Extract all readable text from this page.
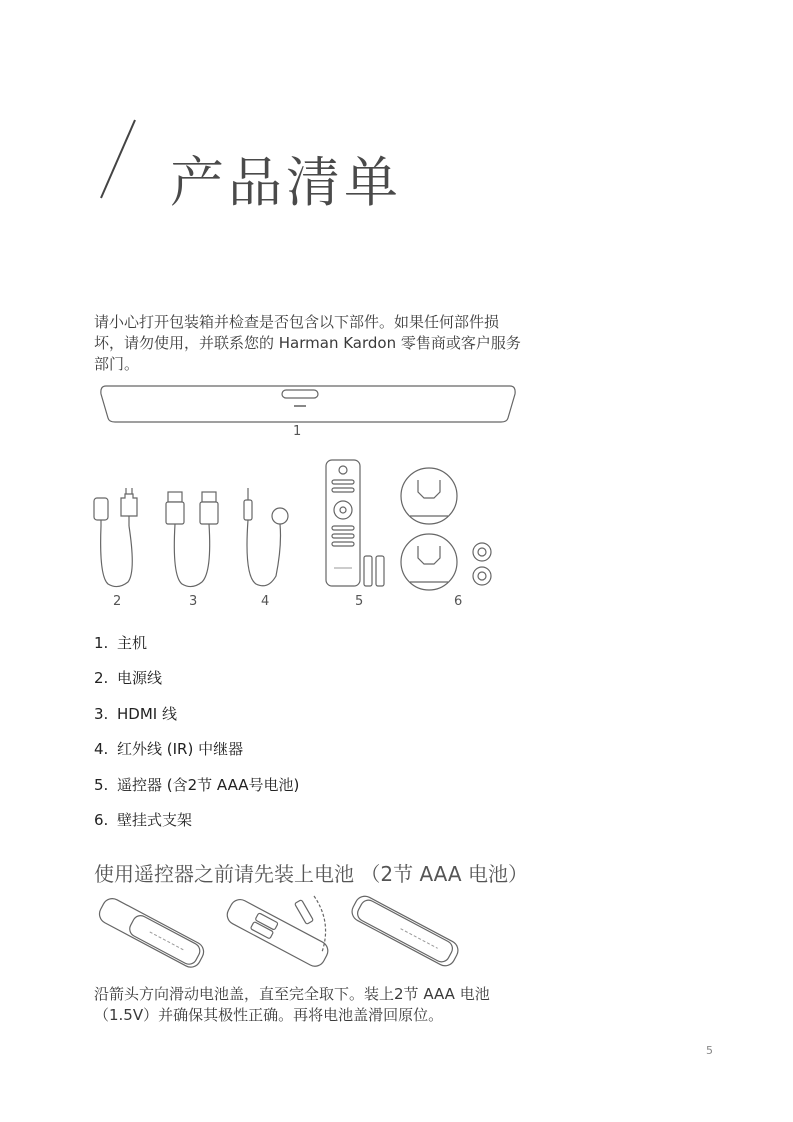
产品清单
请小心打开包装箱并检查是否包含以下部件。如果任何部件损坏，请勿使用，并联系您的 Harman Kardon 零售商或客户服务部门。
1
2	3	4	5	6
1. 主机
2. 电源线
3. HDMI 线
4. 红外线 (IR) 中继器
5. 遥控器 (含2节 AAA号电池)
6. 壁挂式支架
使用遥控器之前请先装上电池 （2节 AAA 电池）
沿箭头方向滑动电池盖，直至完全取下。装上2节 AAA 电池 （1.5V）并确保其极性正确。再将电池盖滑回原位。
5
